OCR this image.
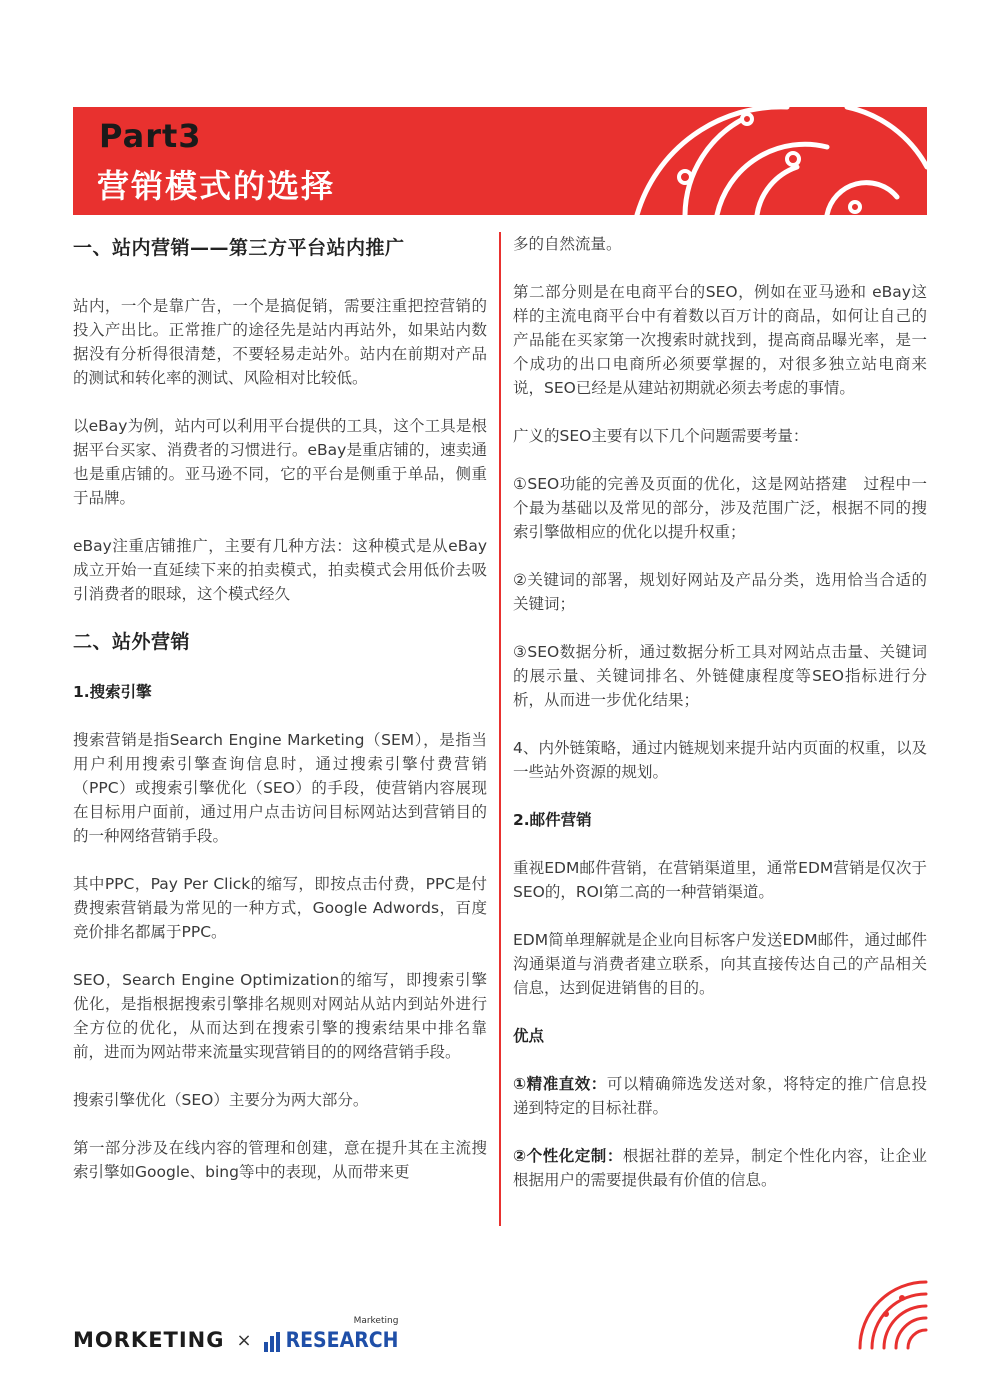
Part3
营销模式的选择
一、站内营销——第三方平台站内推广

站内，一个是靠广告，一个是搞促销，需要注重把控营销的投入产出比。正常推广的途径先是站内再站外，如果站内数据没有分析得很清楚，不要轻易走站外。站内在前期对产品的测试和转化率的测试、风险相对比较低。

以eBay为例，站内可以利用平台提供的工具，这个工具是根据平台买家、消费者的习惯进行。eBay是重店铺的，速卖通也是重店铺的。亚马逊不同，它的平台是侧重于单品，侧重于品牌。

eBay注重店铺推广，主要有几种方法：这种模式是从eBay成立开始一直延续下来的拍卖模式，拍卖模式会用低价去吸引消费者的眼球，这个模式经久

二、站外营销
1.搜索引擎

搜索营销是指Search Engine Marketing（SEM），是指当用户利用搜索引擎查询信息时，通过搜索引擎付费营销（PPC）或搜索引擎优化（SEO）的手段，使营销内容展现在目标用户面前，通过用户点击访问目标网站达到营销目的的一种网络营销手段。

其中PPC，Pay Per Click的缩写，即按点击付费，PPC是付费搜索营销最为常见的一种方式，Google Adwords，百度竞价排名都属于PPC。

SEO，Search Engine Optimization的缩写，即搜索引擎优化，是指根据搜索引擎排名规则对网站从站内到站外进行全方位的优化，从而达到在搜索引擎的搜索结果中排名靠前，进而为网站带来流量实现营销目的的网络营销手段。

搜索引擎优化（SEO）主要分为两大部分。

第一部分涉及在线内容的管理和创建，意在提升其在主流搜索引擎如Google、bing等中的表现，从而带来更

多的自然流量。

第二部分则是在电商平台的SEO，例如在亚马逊和 eBay这样的主流电商平台中有着数以百万计的商品，如何让自己的产品能在买家第一次搜索时就找到，提高商品曝光率，是一个成功的出口电商所必须要掌握的，对很多独立站电商来说，SEO已经是从建站初期就必须去考虑的事情。

广义的SEO主要有以下几个问题需要考量：

①SEO功能的完善及页面的优化，这是网站搭建　过程中一个最为基础以及常见的部分，涉及范围广泛，根据不同的搜索引擎做相应的优化以提升权重；

②关键词的部署，规划好网站及产品分类，选用恰当合适的关键词；

③SEO数据分析，通过数据分析工具对网站点击量、关键词的展示量、关键词排名、外链健康程度等SEO指标进行分析，从而进一步优化结果；

4、内外链策略，通过内链规划来提升站内页面的权重，以及一些站外资源的规划。

2.邮件营销

重视EDM邮件营销，在营销渠道里，通常EDM营销是仅次于SEO的，ROI第二高的一种营销渠道。

EDM简单理解就是企业向目标客户发送EDM邮件，通过邮件沟通渠道与消费者建立联系，向其直接传达自己的产品相关信息，达到促进销售的目的。

优点

①精准直效：可以精确筛选发送对象，将特定的推广信息投递到特定的目标社群。

②个性化定制：根据社群的差异，制定个性化内容，让企业根据用户的需要提供最有价值的信息。

MORKETING × RESEARCH
Marketing
